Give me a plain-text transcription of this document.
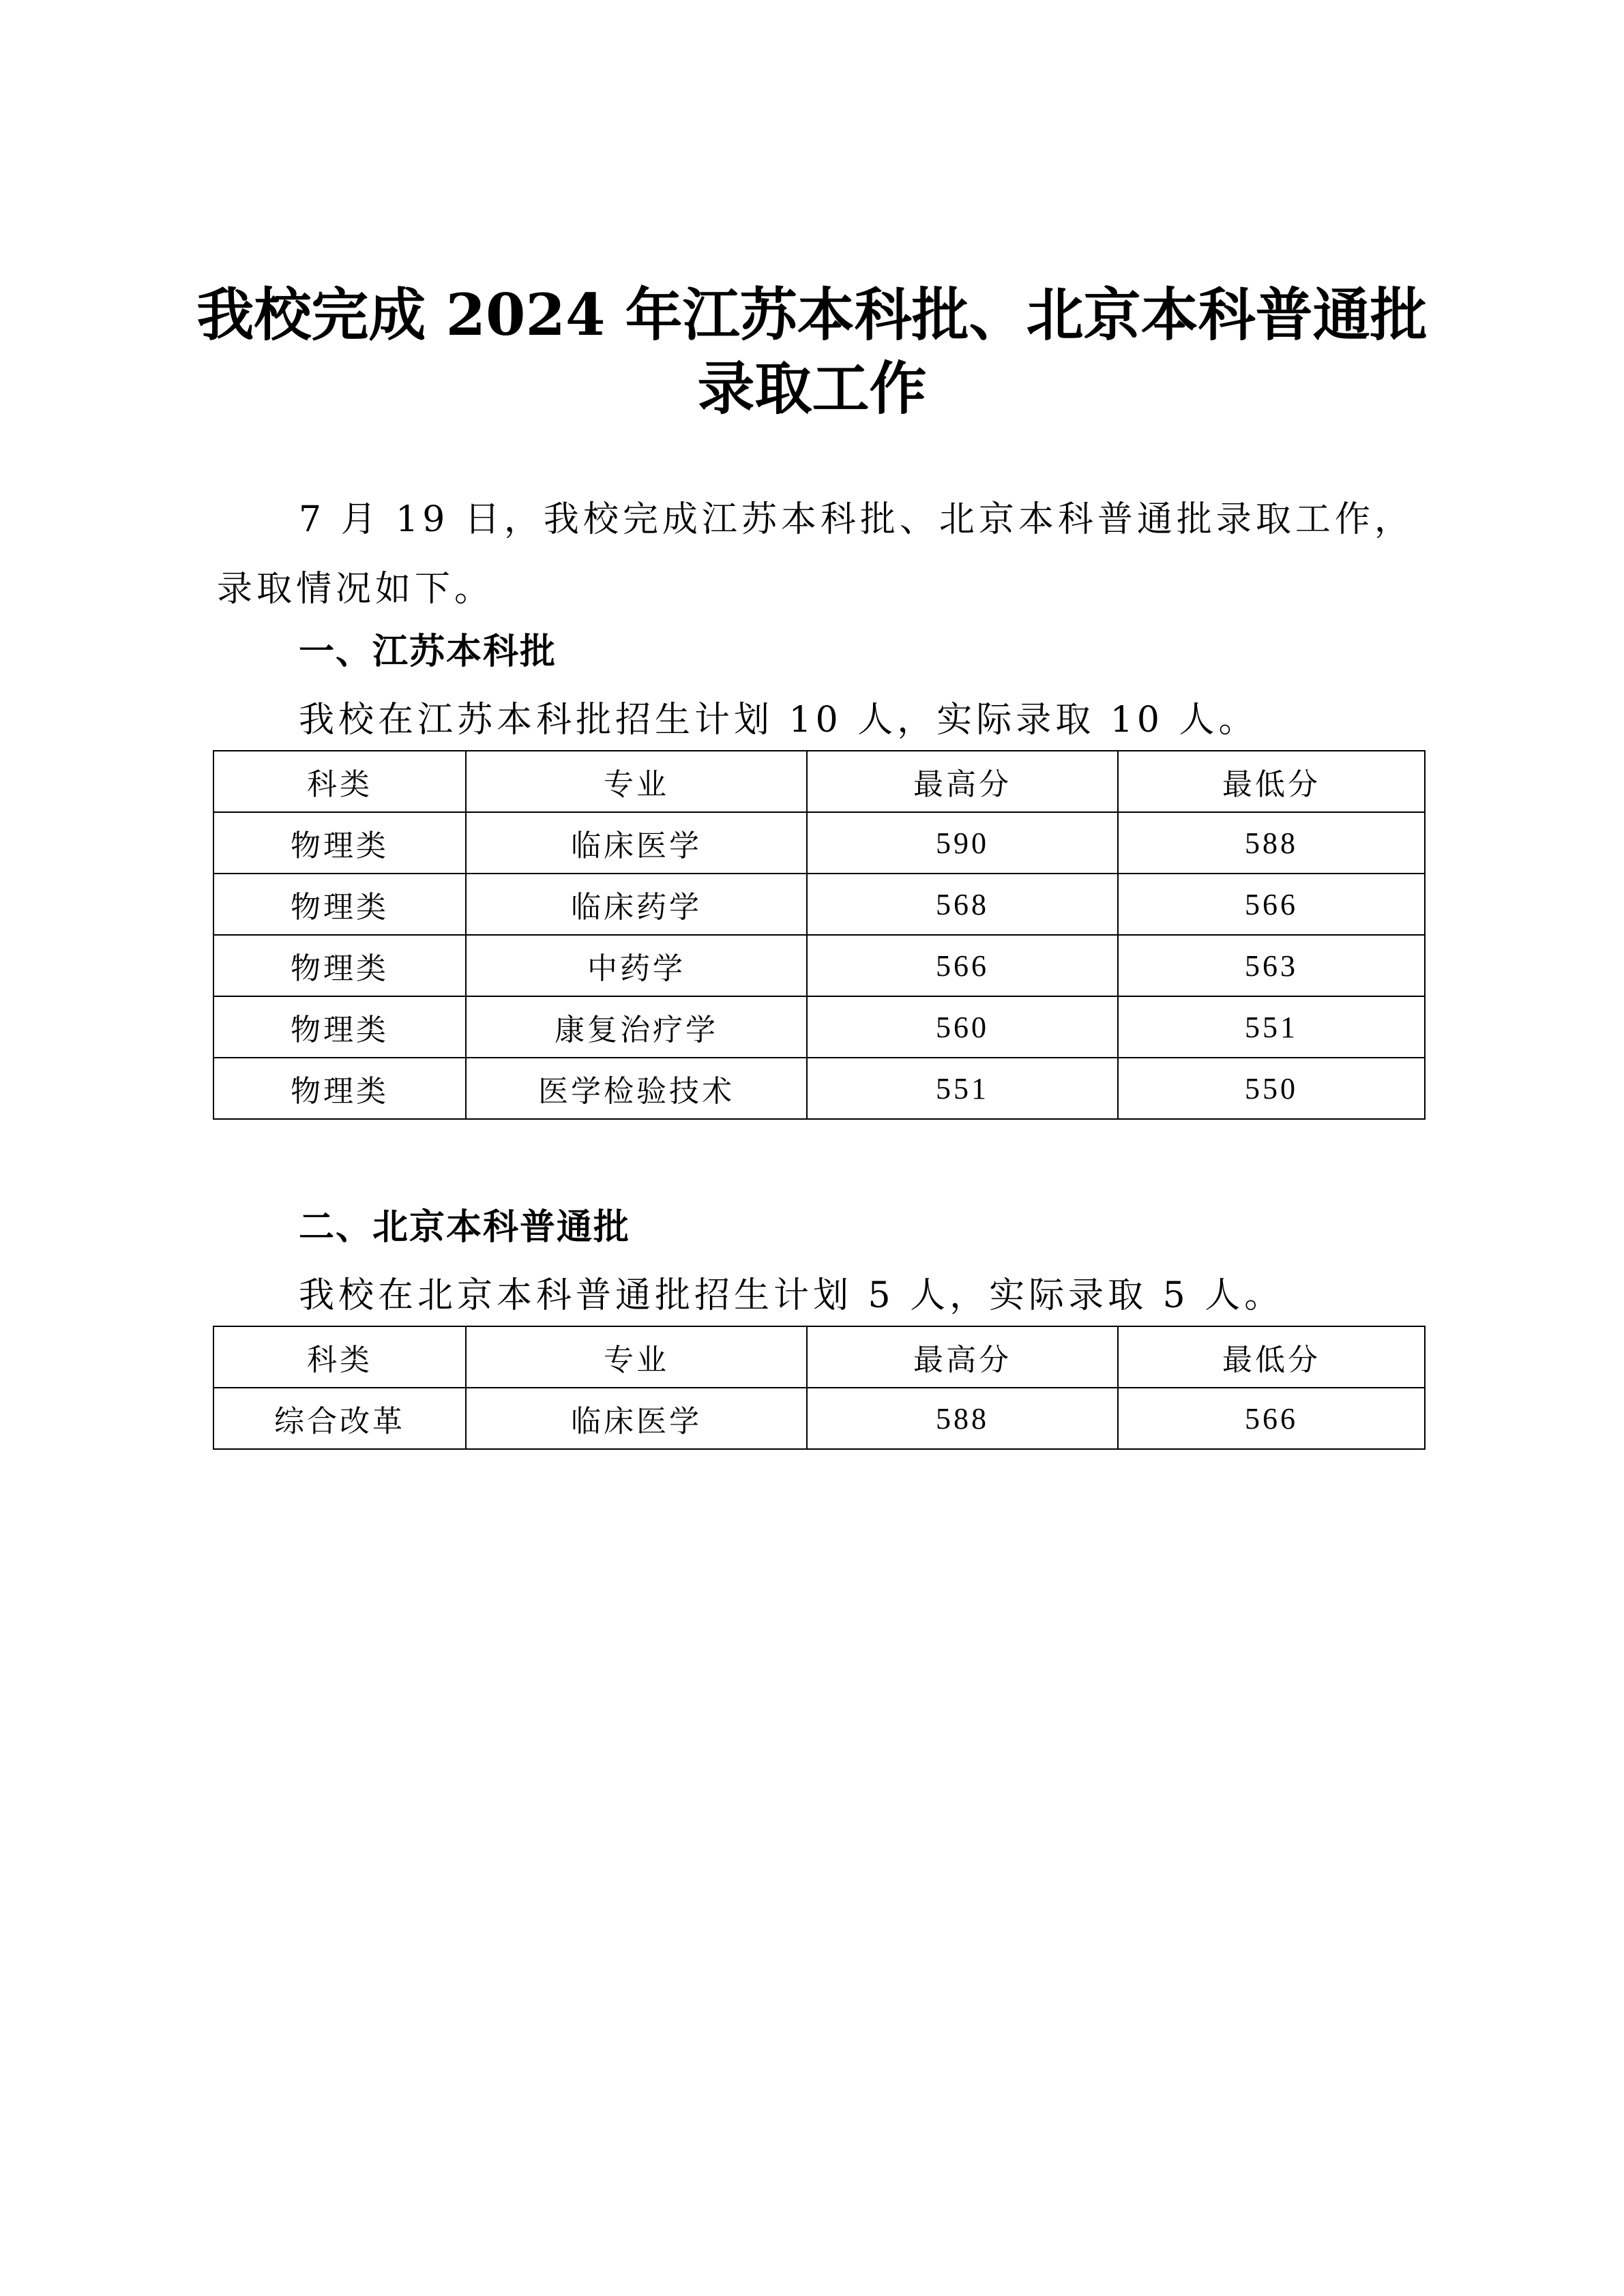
我校完成 2024 年江苏本科批、北京本科普通批
录取工作
7 月 19 日，我校完成江苏本科批、北京本科普通批录取工作，
录取情况如下。
一、江苏本科批
我校在江苏本科批招生计划 10 人，实际录取 10 人。
科类	专业	最高分	最低分
物理类	临床医学	590	588
物理类	临床药学	568	566
物理类	中药学	566	563
物理类	康复治疗学	560	551
物理类	医学检验技术	551	550
二、北京本科普通批
我校在北京本科普通批招生计划 5 人，实际录取 5 人。
科类	专业	最高分	最低分
综合改革	临床医学	588	566
